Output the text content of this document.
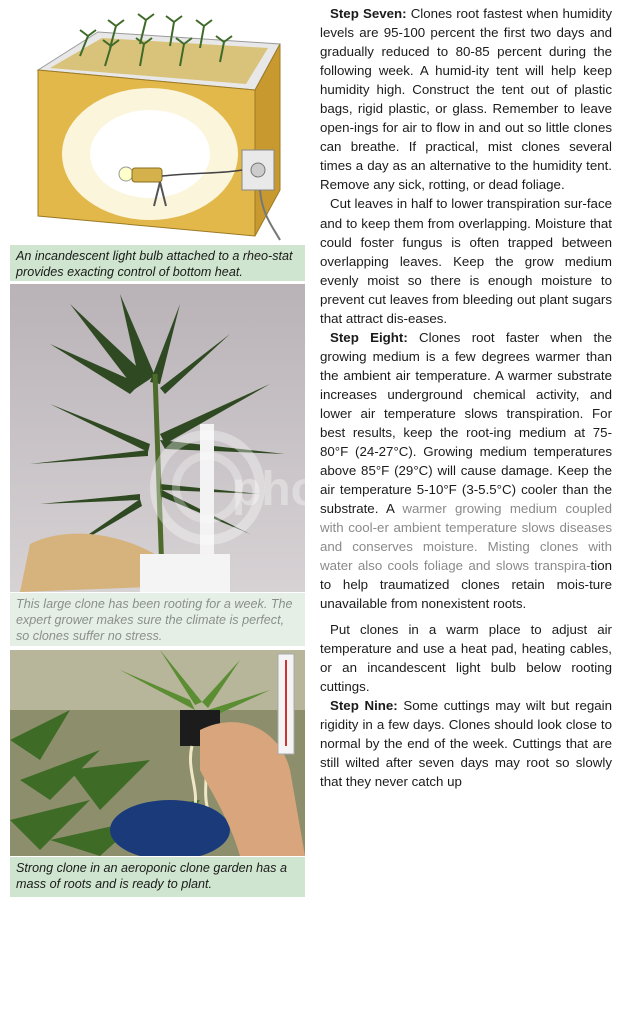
An incandescent light bulb attached to a rheo-stat provides exacting control of bottom heat.
This large clone has been rooting for a week. The expert grower makes sure the climate is perfect, so clones suffer no stress.
Strong clone in an aeroponic clone garden has a mass of roots and is ready to plant.

Step Seven: Clones root fastest when humidity levels are 95-100 percent the first two days and gradually reduced to 80-85 percent during the following week. A humid-ity tent will help keep humidity high. Construct the tent out of plastic bags, rigid plastic, or glass. Remember to leave open-ings for air to flow in and out so little clones can breathe. If practical, mist clones several times a day as an alternative to the humidity tent. Remove any sick, rotting, or dead foliage.

Cut leaves in half to lower transpiration sur-face and to keep them from overlapping. Moisture that could foster fungus is often trapped between overlapping leaves. Keep the grow medium evenly moist so there is enough moisture to prevent cut leaves from bleeding out plant sugars that attract dis-eases.

Step Eight: Clones root faster when the growing medium is a few degrees warmer than the ambient air temperature. A warmer substrate increases underground chemical activity, and lower air temperature slows transpiration. For best results, keep the root-ing medium at 75-80°F (24-27°C). Growing medium temperatures above 85°F (29°C) will cause damage. Keep the air temperature 5-10°F (3-5.5°C) cooler than the substrate. A warmer growing medium coupled with cool-er ambient temperature slows diseases and conserves moisture. Misting clones with water also cools foliage and slows transpira-tion to help traumatized clones retain mois-ture unavailable from nonexistent roots.

Put clones in a warm place to adjust air temperature and use a heat pad, heating cables, or an incandescent light bulb below rooting cuttings.

Step Nine: Some cuttings may wilt but regain rigidity in a few days. Clones should look close to normal by the end of the week. Cuttings that are still wilted after seven days may root so slowly that they never catch up

pho
